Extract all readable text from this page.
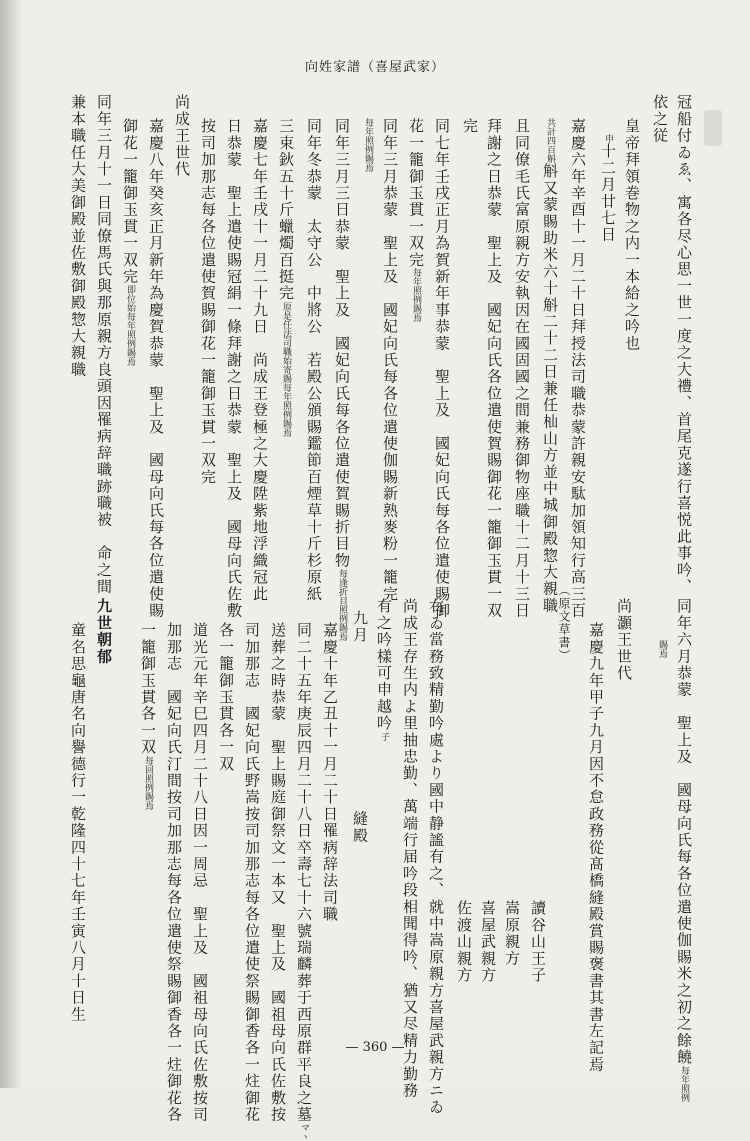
向姓家譜（喜屋武家）
冠船付ゐゑ、寓各尽心思一世一度之大禮、首尾克遂行喜悦此事吟、
依之従
皇帝拜領巻物之内一本給之吟也
申十二月廿七日
嘉慶六年辛酉十一月二十日拜授法司職恭蒙許親安駄加領知行高三百
共計四百斛斛又蒙賜助米六十斛二十二日兼任杣山方並中城御殿惣大親職
且同僚毛氏富原親方安執因在國固國之間兼務御物座職十二月十三日
拜謝之日恭蒙　聖上及　國妃向氏各位遣使賀賜御花一籠御玉貫一双
完
同七年壬戌正月為賀新年事恭蒙　聖上及　國妃向氏每各位遣使賜御
花一籠御玉貫一双完每年照例賜焉
同年三月恭蒙　聖上及　國妃向氏每各位遣使伽賜新熟麥粉一籠完
每年照例賜焉
同年三月三日恭蒙　聖上及　國妃向氏每各位遣使賀賜折目物每逢折目照例賜焉
同年冬恭蒙　太守公　中將公　若殿公頒賜鑑節百煙草十斤杉原紙
三束鈥五十斤蠟燭百挺完原是任法司職始寄賜每年照例賜焉
嘉慶七年壬戌十一月二十九日　尚成王登極之大慶陞紫地浮織冠此
日恭蒙　聖上遣使賜冠絹一條拜謝之日恭蒙　聖上及　國母向氏佐敷
按司加那志每各位遣使賀賜御花一籠御玉貫一双完
尚成王世代
嘉慶八年癸亥正月新年為慶賀恭蒙　聖上及　國母向氏每各位遣使賜
御花一籠御玉貫一双完即位始每年照例賜焉
同年三月十一日同僚馬氏與那原親方良頭因罹病辞職跡職被　命之間
兼本職任大美御殿並佐敷御殿惣大親職
同年六月恭蒙　聖上及　國母向氏每各位遣使伽賜米之初之餘饒每年照例
賜焉
尚灝王世代
嘉慶九年甲子九月因不怠政務從髙橋縫殿賞賜褒書其書左記焉
（原文草書）
讀谷山王子
嵩原親方
喜屋武親方
佐渡山親方
右ゐ當務致精勤吟處より國中静謐有之、就中嵩原親方喜屋武親方ニゐ
尚成王存生内よ里抽忠勤、萬端行届吟段相聞得吟、猶又尽精力勤務
有之吟樣可申越吟子
九月　　　　　　　　　　縫殿
嘉慶十年乙丑十一月二十日罹病辞法司職
同二十五年庚辰四月二十八日卒壽七十六號瑞麟葬于西原群平良之墓マヽ
送葬之時恭蒙　聖上賜庭御祭文一本又　聖上及　國祖母向氏佐敷按
司加那志　國妃向氏野嵩按司加那志每各位遣使祭賜御香各一炷御花
各一籠御玉貫各一双
道光元年辛巳四月二十八日因一周忌　聖上及　國祖母向氏佐敷按司
加那志　國妃向氏汀間按司加那志每各位遣使祭賜御香各一炷御花各
一籠御玉貫各一双每回照例賜焉
九世朝郁
童名思龜唐名向譽德行一乾隆四十七年壬寅八月十日生
— 360 —
